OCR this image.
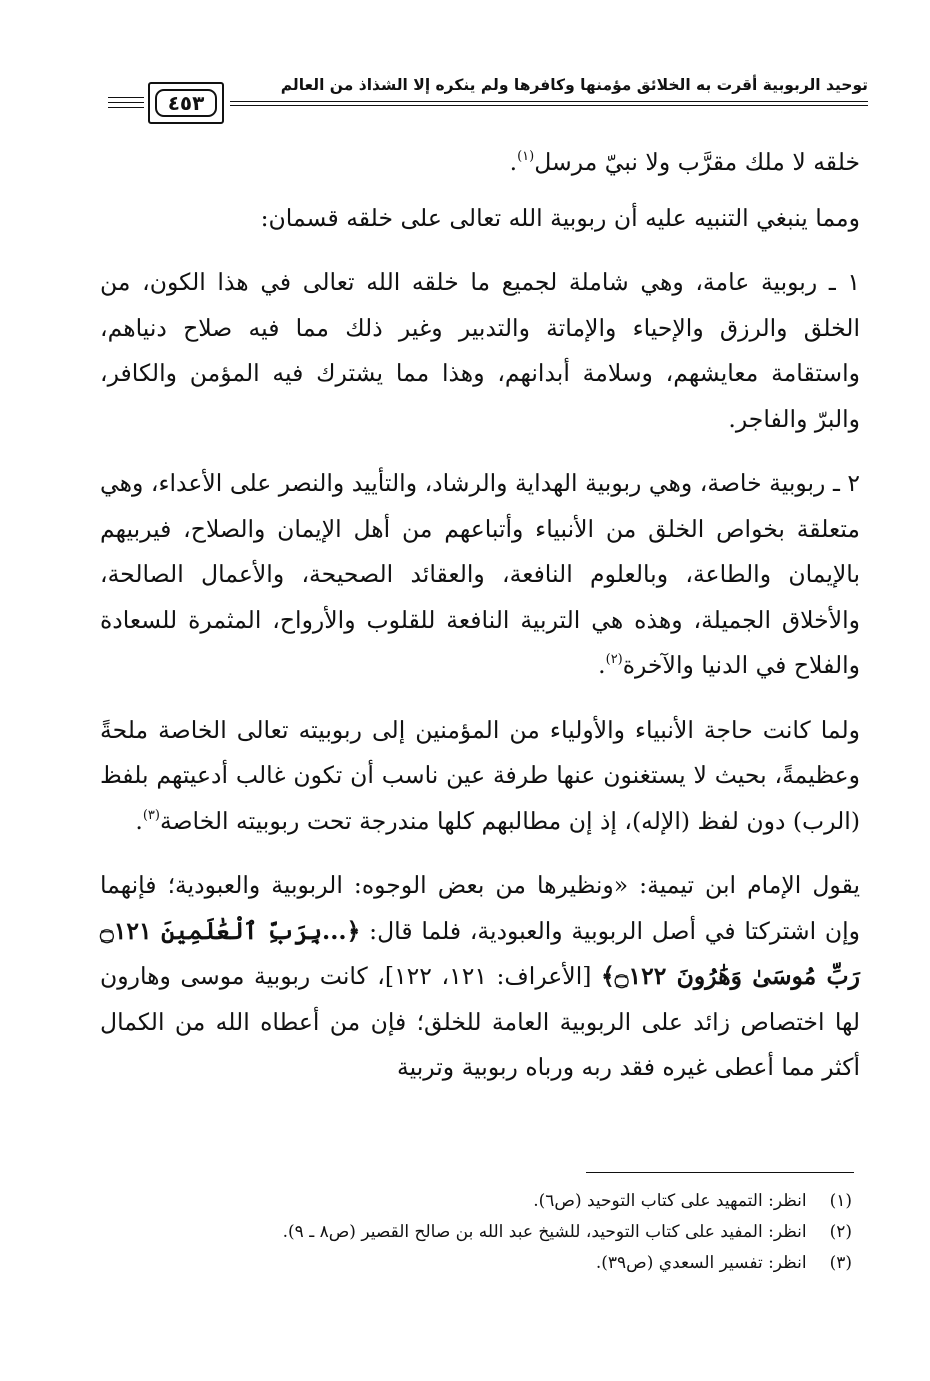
توحيد الربوبية أقرت به الخلائق مؤمنها وكافرها ولم ينكره إلا الشذاذ من العالم
٤٥٣

خلقه لا ملك مقرَّب ولا نبيّ مرسل$^{(١)}$.

ومما ينبغي التنبيه عليه أن ربوبية الله تعالى على خلقه قسمان:

١ ـ ربوبية عامة، وهي شاملة لجميع ما خلقه الله تعالى في هذا الكون، من الخلق والرزق والإحياء والإماتة والتدبير وغير ذلك مما فيه صلاح دنياهم، واستقامة معايشهم، وسلامة أبدانهم، وهذا مما يشترك فيه المؤمن والكافر، والبرّ والفاجر.

٢ ـ ربوبية خاصة، وهي ربوبية الهداية والرشاد، والتأييد والنصر على الأعداء، وهي متعلقة بخواص الخلق من الأنبياء وأتباعهم من أهل الإيمان والصلاح، فيربيهم بالإيمان والطاعة، وبالعلوم النافعة، والعقائد الصحيحة، والأعمال الصالحة، والأخلاق الجميلة، وهذه هي التربية النافعة للقلوب والأرواح، المثمرة للسعادة والفلاح في الدنيا والآخرة$^{(٢)}$.

ولما كانت حاجة الأنبياء والأولياء من المؤمنين إلى ربوبيته تعالى الخاصة ملحةً وعظيمةً، بحيث لا يستغنون عنها طرفة عين ناسب أن تكون غالب أدعيتهم بلفظ (الرب) دون لفظ (الإله)، إذ إن مطالبهم كلها مندرجة تحت ربوبيته الخاصة$^{(٣)}$.

يقول الإمام ابن تيمية: «ونظيرها من بعض الوجوه: الربوبية والعبودية؛ فإنهما وإن اشتركتا في أصل الربوبية والعبودية، فلما قال: ﴿...بِرَبِّ ٱلْعَٰلَمِينَ ۝١٢١ رَبِّ مُوسَىٰ وَهَٰرُونَ ۝١٢٢﴾ [الأعراف: ١٢١، ١٢٢]، كانت ربوبية موسى وهارون لها اختصاص زائد على الربوبية العامة للخلق؛ فإن من أعطاه الله من الكمال أكثر مما أعطى غيره فقد ربه ورباه ربوبية وتربية

(١) انظر: التمهيد على كتاب التوحيد (ص٦).
(٢) انظر: المفيد على كتاب التوحيد، للشيخ عبد الله بن صالح القصير (ص٨ ـ ٩).
(٣) انظر: تفسير السعدي (ص٣٩).
